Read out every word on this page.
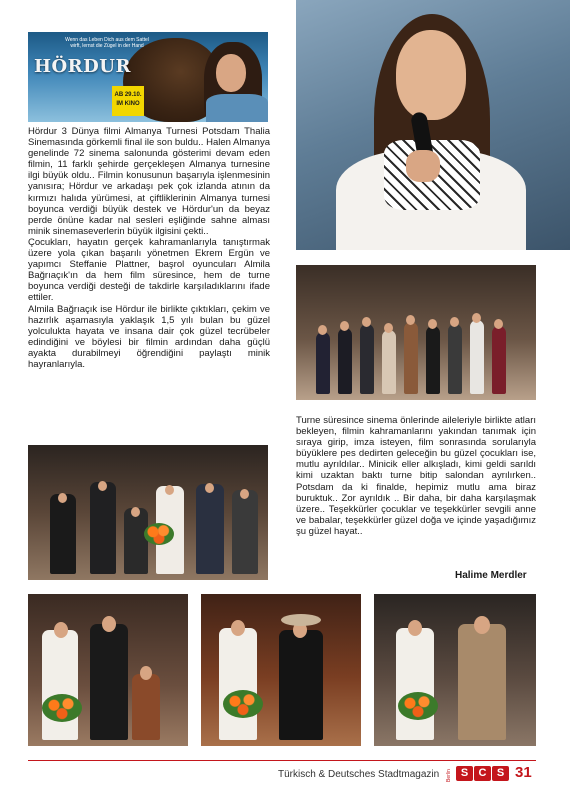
Wenn das Leben Dich aus dem Sattel wirft, lernst die Zügel in der Hand
HÖRDUR
AB 29.10.
IM KINO

Hördur 3 Dünya filmi Almanya Turnesi Potsdam Thalia Sinemasında görkemli final ile son buldu.. Halen Almanya genelinde 72 sinema salonunda gösterimi devam eden filmin, 11 farklı şehirde gerçekleşen Almanya turnesine ilgi büyük oldu.. Filmin konusunun başarıyla işlenmesinin yanısıra; Hördur ve arkadaşı pek çok izlanda atının da kırmızı halıda yürümesi, at çiftliklerinin Almanya turnesi boyunca verdiği büyük destek ve Hördur'un da beyaz perde önüne kadar nal sesleri eşliğinde sahne alması minik sinemaseverlerin büyük ilgisini çekti..

Çocukları, hayatın gerçek kahramanlarıyla tanıştırmak üzere yola çıkan başarılı yönetmen Ekrem Ergün ve yapımcı Steffanie Plattner, başrol oyuncuları Almila Bağrıaçık'ın da hem film süresince, hem de turne boyunca verdiği desteği de takdirle karşıladıklarını ifade ettiler.

Almila Bağrıaçık ise Hördur ile birlikte çıktıkları, çekim ve hazırlık aşamasıyla yaklaşık 1,5 yılı bulan bu güzel yolculukta hayata ve insana dair çok güzel tecrübeler edindiğini ve böylesi bir filmin ardından daha güçlü ayakta durabilmeyi öğrendiğini paylaştı minik hayranlarıyla.

Turne süresince sinema önlerinde aileleriyle birlikte atları bekleyen, filmin kahramanlarını yakından tanımak için sıraya girip, imza isteyen, film sonrasında sorularıyla büyüklere pes dedirten geleceğin bu güzel çocukları ise, mutlu ayrıldılar.. Minicik eller alkışladı, kimi geldi sarıldı kimi uzaktan baktı turne bitip salondan ayrılırken.. Potsdam da ki finalde, hepimiz mutlu ama biraz buruktuk.. Zor ayrıldık .. Bir daha, bir daha karşılaşmak üzere.. Teşekkürler çocuklar ve teşekkürler sevgili anne ve babalar, teşekkürler güzel doğa ve içinde yaşadığımız şu güzel hayat..
Halime Merdler
Türkisch & Deutsches Stadtmagazin Berlin S C S 31
